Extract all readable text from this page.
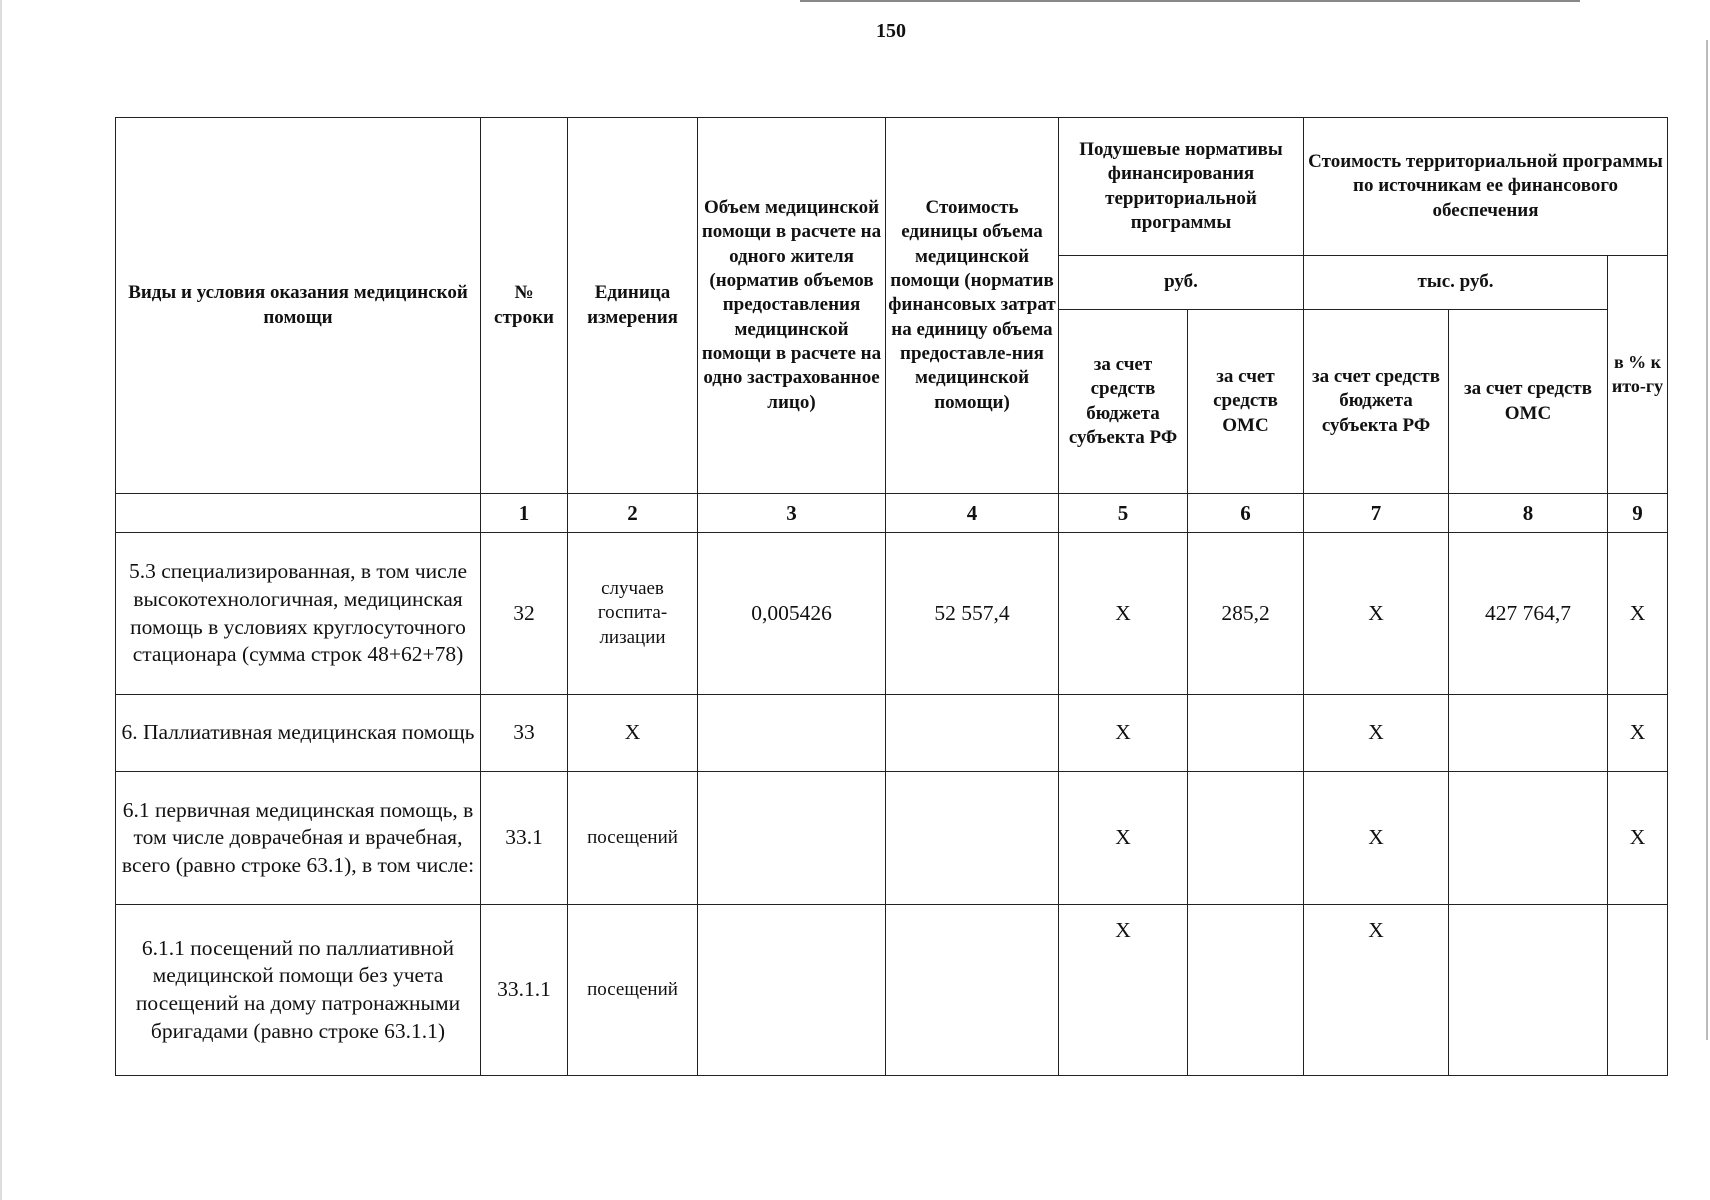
150
Виды и условия оказания медицинской помощи	№ строки	Единица измерения	Объем медицинской помощи в расчете на одного жителя (норматив объемов предоставления медицинской помощи в расчете на одно застрахованное лицо)	Стоимость единицы объема медицинской помощи (норматив финансовых затрат на единицу объема предоставле-ния медицинской помощи)	Подушевые нормативы финансирования территориальной программы		Стоимость территориальной программы по источникам ее финансового обеспечения		
					руб.		тыс. руб.		в % к ито-гу
					за счет средств бюджета субъекта РФ	за счет средств ОМС	за счет средств бюджета субъекта РФ	за счет средств ОМС	
	1	2	3	4	5	6	7	8	9
5.3 специализированная, в том числе высокотехнологичная, медицинская помощь в условиях круглосуточного стационара (сумма строк 48+62+78)	32	случаев госпита-лизации	0,005426	52 557,4	Х	285,2	Х	427 764,7	Х
6. Паллиативная медицинская помощь	33	Х			Х		Х		Х
6.1 первичная медицинская помощь, в том числе доврачебная и врачебная, всего (равно строке 63.1), в том числе:	33.1	посещений			Х		Х		Х
6.1.1 посещений по паллиативной медицинской помощи без учета посещений на дому патронажными бригадами (равно строке 63.1.1)	33.1.1	посещений			Х		Х		
